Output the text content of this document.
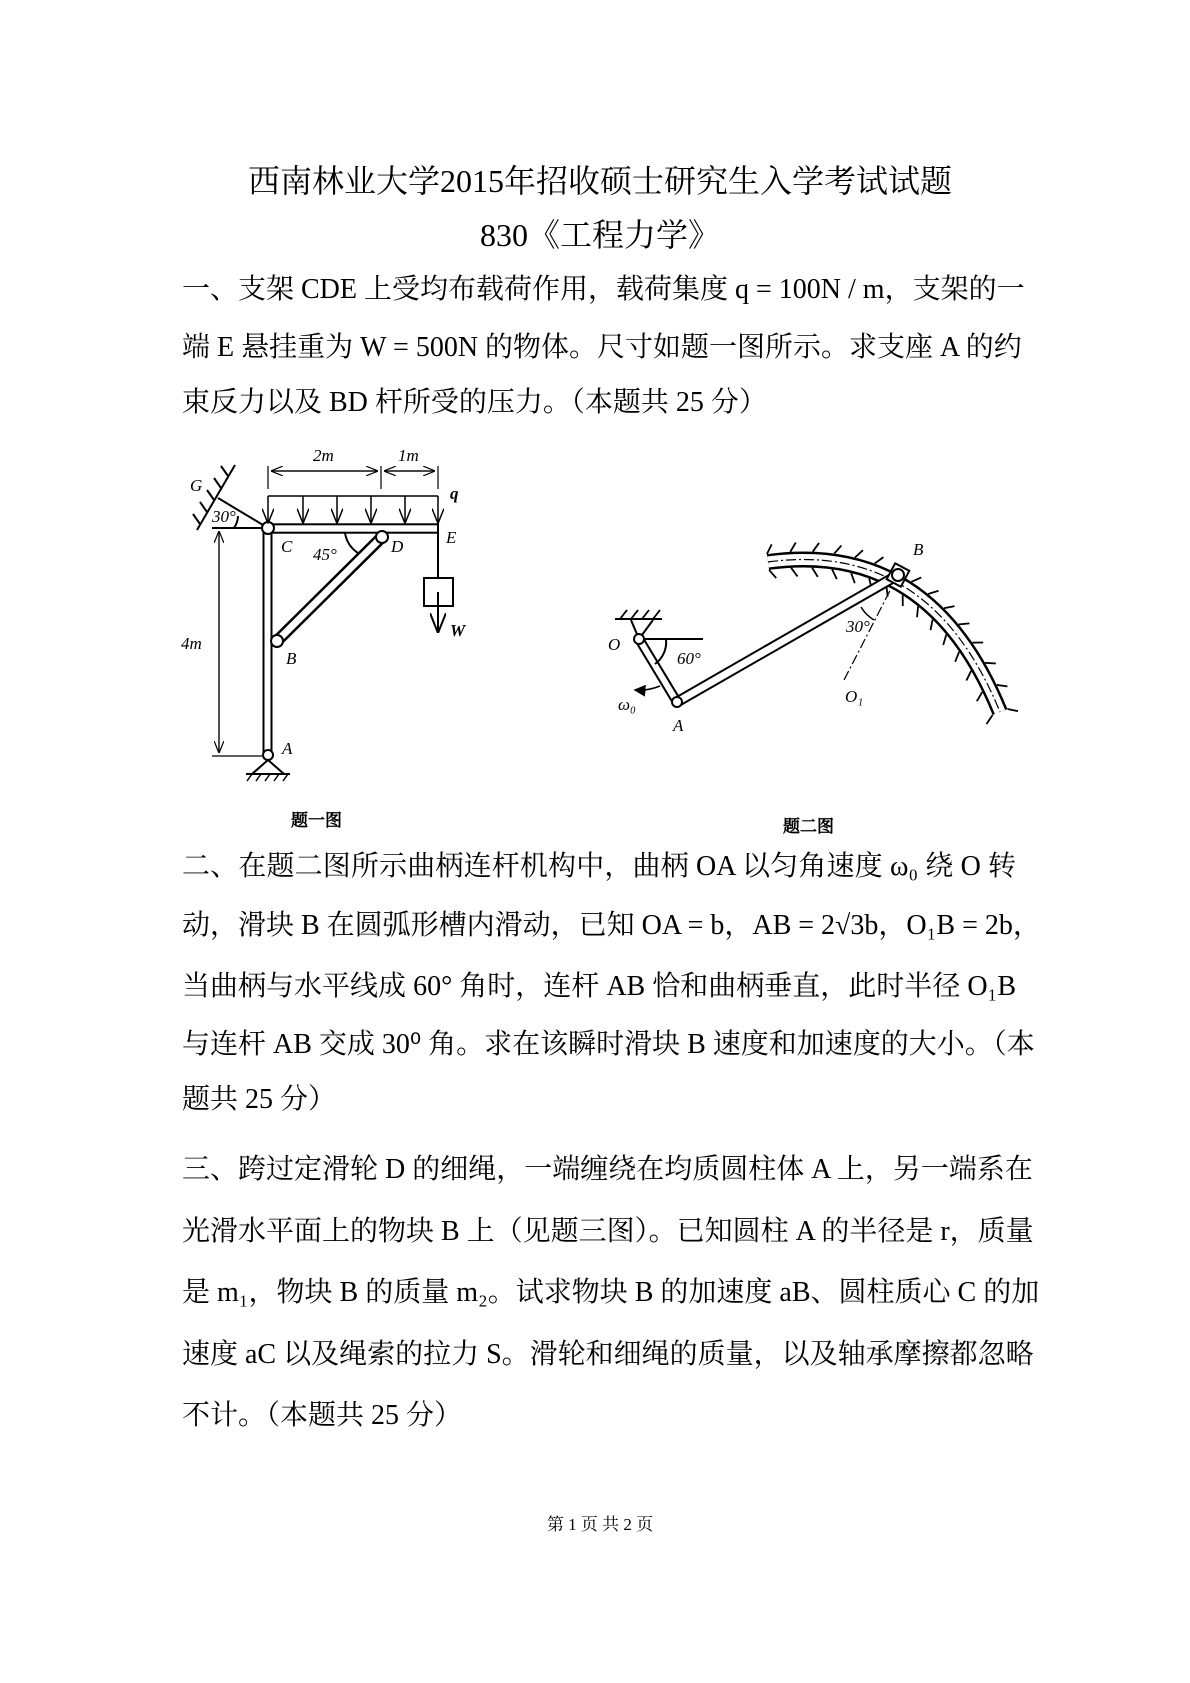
西南林业大学2015年招收硕士研究生入学考试试题
830《工程力学》
一、支架 CDE 上受均布载荷作用，载荷集度 q = 100N / m，支架的一
端 E 悬挂重为 W = 500N 的物体。尺寸如题一图所示。求支座 A 的约
束反力以及 BD 杆所受的压力。（本题共 25 分）
G
30°
C 45°	D	E
B
A
q
W
2m	1m
4m	O
A
B
O₁
ω₀
60°
30°
题一图	题二图
二、在题二图所示曲柄连杆机构中，曲柄 OA 以匀角速度 ω₀ 绕 O 转
动，滑块 B 在圆弧形槽内滑动，已知 OA = b，AB = 2√3b，O₁B = 2b，
当曲柄与水平线成 60° 角时，连杆 AB 恰和曲柄垂直，此时半径 O₁B
与连杆 AB 交成 30⁰ 角。求在该瞬时滑块 B 速度和加速度的大小。（本
题共 25 分）
三、跨过定滑轮 D 的细绳，一端缠绕在均质圆柱体 A 上，另一端系在
光滑水平面上的物块 B 上（见题三图）。已知圆柱 A 的半径是 r，质量
是 m₁，物块 B 的质量 m₂。试求物块 B 的加速度 aB、圆柱质心 C 的加
速度 aC 以及绳索的拉力 S。滑轮和细绳的质量，以及轴承摩擦都忽略
不计。（本题共 25 分）
第 1 页 共 2 页
